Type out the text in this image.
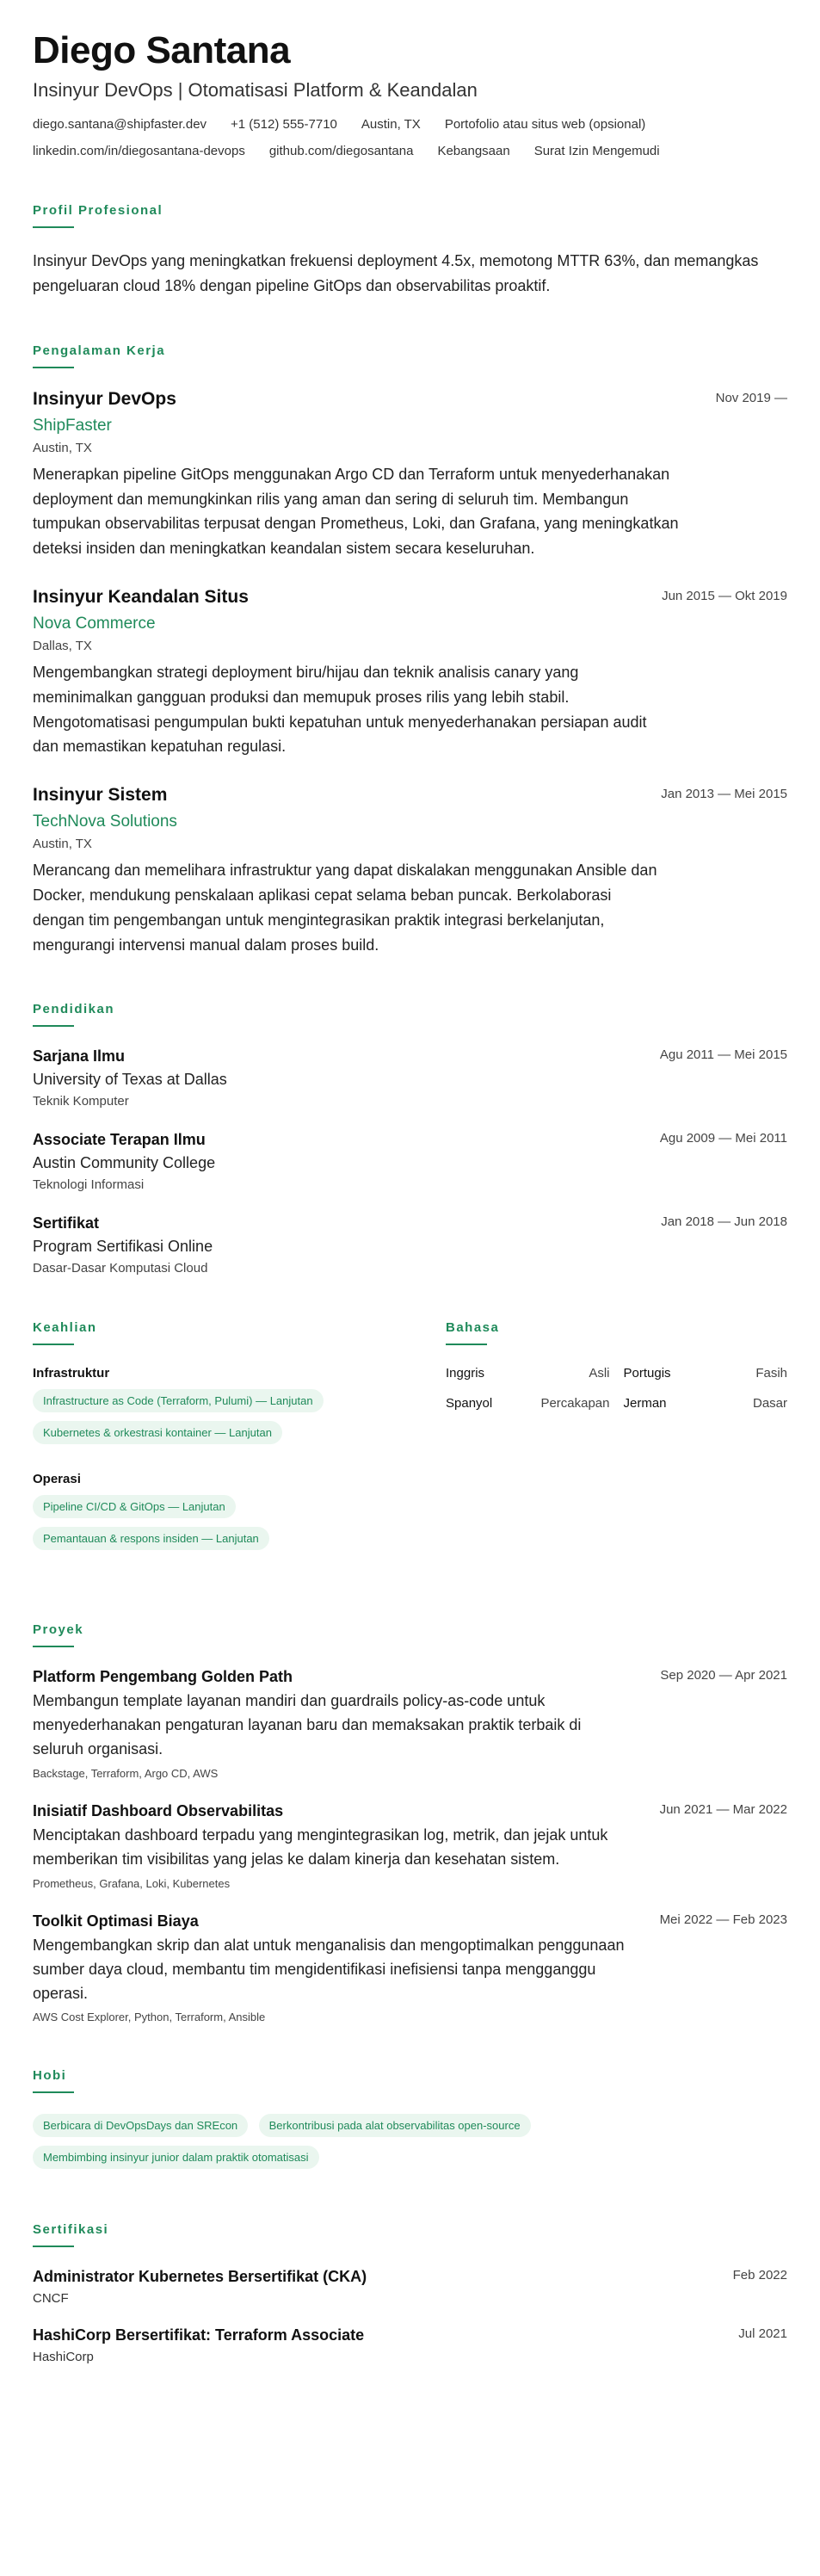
Diego Santana
Insinyur DevOps | Otomatisasi Platform & Keandalan
diego.santana@shipfaster.dev +1 (512) 555-7710 Austin, TX Portofolio atau situs web (opsional)
linkedin.com/in/diegosantana-devops github.com/diegosantana Kebangsaan Surat Izin Mengemudi
Profil Profesional

Insinyur DevOps yang meningkatkan frekuensi deployment 4.5x, memotong MTTR 63%, dan memangkas pengeluaran cloud 18% dengan pipeline GitOps dan observabilitas proaktif.

Pengalaman Kerja
Insinyur DevOps
ShipFaster
Austin, TX
Menerapkan pipeline GitOps menggunakan Argo CD dan Terraform untuk menyederhanakan deployment dan memungkinkan rilis yang aman dan sering di seluruh tim. Membangun tumpukan observabilitas terpusat dengan Prometheus, Loki, dan Grafana, yang meningkatkan deteksi insiden dan meningkatkan keandalan sistem secara keseluruhan.
Nov 2019 —
Insinyur Keandalan Situs
Nova Commerce
Dallas, TX
Mengembangkan strategi deployment biru/hijau dan teknik analisis canary yang meminimalkan gangguan produksi dan memupuk proses rilis yang lebih stabil. Mengotomatisasi pengumpulan bukti kepatuhan untuk menyederhanakan persiapan audit dan memastikan kepatuhan regulasi.
Jun 2015 — Okt 2019
Insinyur Sistem
TechNova Solutions
Austin, TX
Merancang dan memelihara infrastruktur yang dapat diskalakan menggunakan Ansible dan Docker, mendukung penskalaan aplikasi cepat selama beban puncak. Berkolaborasi dengan tim pengembangan untuk mengintegrasikan praktik integrasi berkelanjutan, mengurangi intervensi manual dalam proses build.
Jan 2013 — Mei 2015
Pendidikan
Sarjana Ilmu
University of Texas at Dallas
Teknik Komputer
Agu 2011 — Mei 2015
Associate Terapan Ilmu
Austin Community College
Teknologi Informasi
Agu 2009 — Mei 2011
Sertifikat
Program Sertifikasi Online
Dasar-Dasar Komputasi Cloud
Jan 2018 — Jun 2018
Keahlian
Infrastruktur
Infrastructure as Code (Terraform, Pulumi) — Lanjutan
Kubernetes & orkestrasi kontainer — Lanjutan
Operasi
Pipeline CI/CD & GitOps — Lanjutan
Pemantauan & respons insiden — Lanjutan
Bahasa
Inggris	Asli Portugis	Fasih
Spanyol	Percakapan Jerman	Dasar
Proyek
Platform Pengembang Golden Path
Membangun template layanan mandiri dan guardrails policy-as-code untuk menyederhanakan pengaturan layanan baru dan memaksakan praktik terbaik di seluruh organisasi.
Backstage, Terraform, Argo CD, AWS
Sep 2020 — Apr 2021
Inisiatif Dashboard Observabilitas
Menciptakan dashboard terpadu yang mengintegrasikan log, metrik, dan jejak untuk memberikan tim visibilitas yang jelas ke dalam kinerja dan kesehatan sistem.
Prometheus, Grafana, Loki, Kubernetes
Jun 2021 — Mar 2022
Toolkit Optimasi Biaya
Mengembangkan skrip dan alat untuk menganalisis dan mengoptimalkan penggunaan sumber daya cloud, membantu tim mengidentifikasi inefisiensi tanpa mengganggu operasi.
AWS Cost Explorer, Python, Terraform, Ansible
Mei 2022 — Feb 2023
Hobi
Berbicara di DevOpsDays dan SREcon	Berkontribusi pada alat observabilitas open-source
Membimbing insinyur junior dalam praktik otomatisasi
Sertifikasi
Administrator Kubernetes Bersertifikat (CKA)
CNCF
Feb 2022
HashiCorp Bersertifikat: Terraform Associate
HashiCorp
Jul 2021
